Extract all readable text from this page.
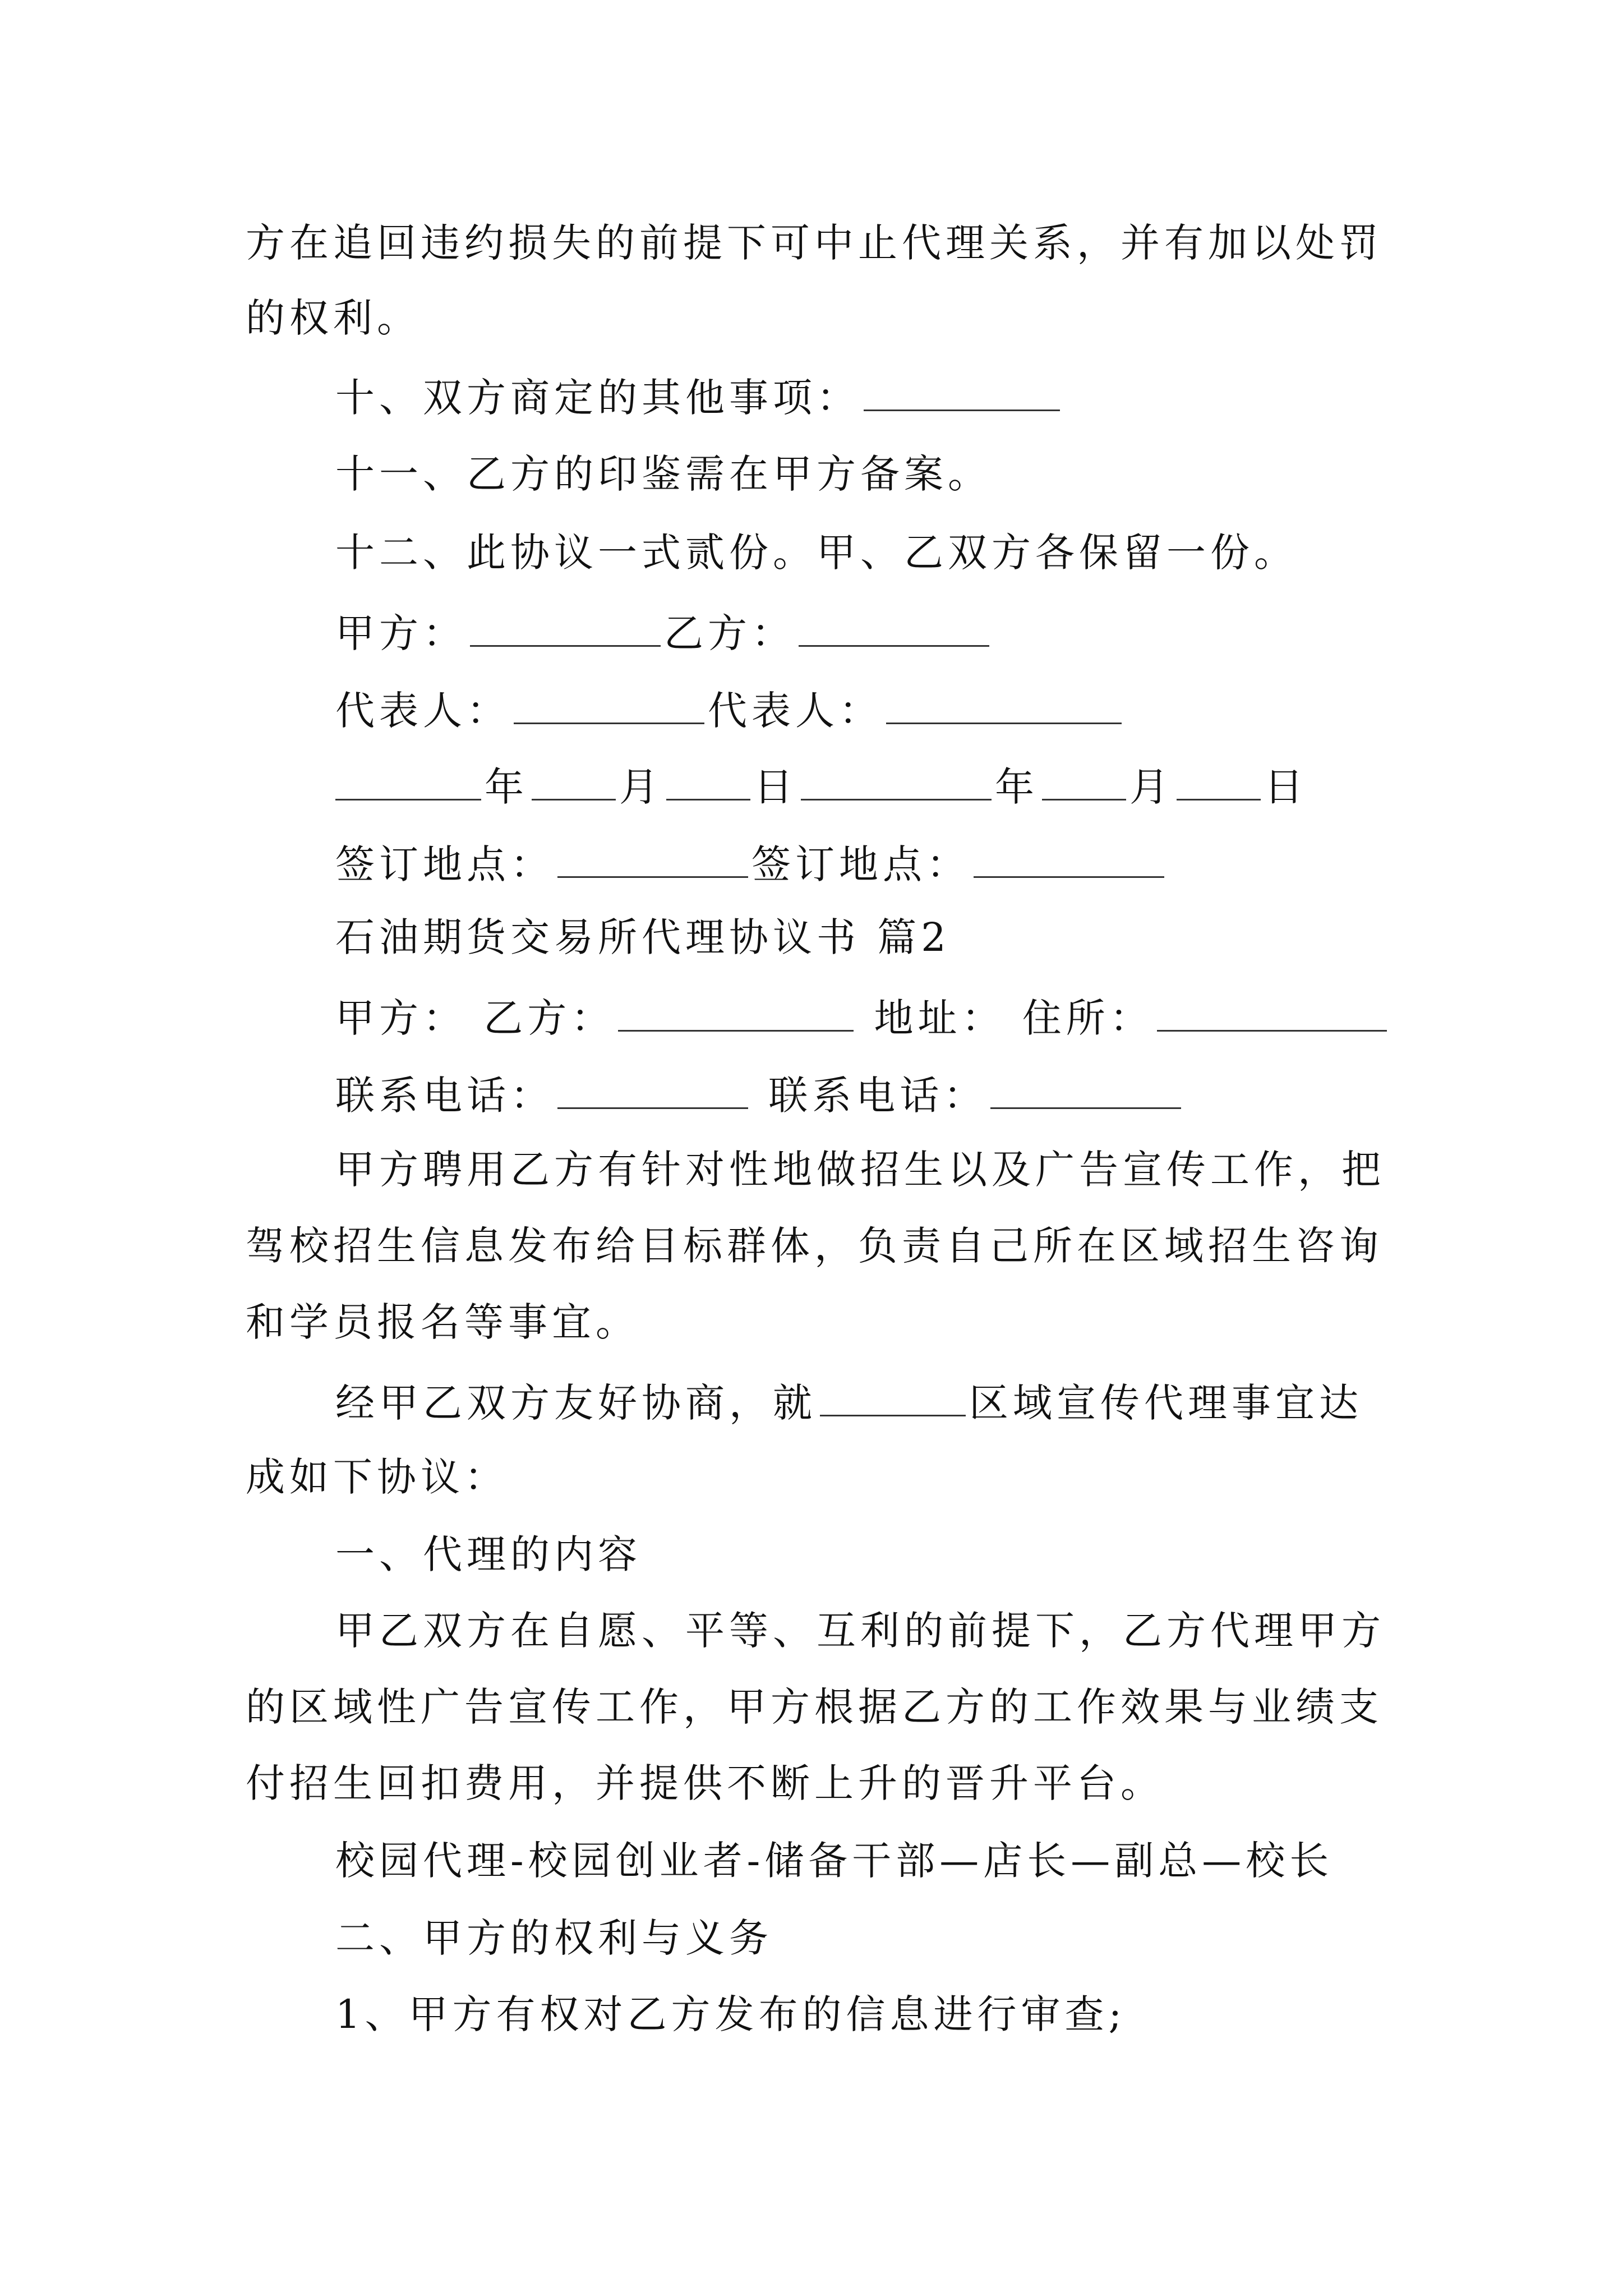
方在追回违约损失的前提下可中止代理关系，并有加以处罚
的权利。
十、双方商定的其他事项：
十一、乙方的印鉴需在甲方备案。
十二、此协议一式贰份。甲、乙双方各保留一份。
甲方：	乙方：
代表人：	代表人：
年 月 日	年 月 日
签订地点：	签订地点：
石油期货交易所代理协议书 篇2
甲方： 乙方：	地址： 住所：
联系电话：	联系电话：
甲方聘用乙方有针对性地做招生以及广告宣传工作，把
驾校招生信息发布给目标群体，负责自己所在区域招生咨询
和学员报名等事宜。
经甲乙双方友好协商，就	区域宣传代理事宜达
成如下协议：
一、代理的内容
甲乙双方在自愿、平等、互利的前提下，乙方代理甲方
的区域性广告宣传工作，甲方根据乙方的工作效果与业绩支
付招生回扣费用，并提供不断上升的晋升平台。
校园代理-校园创业者-储备干部—店长—副总—校长
二、甲方的权利与义务
1、甲方有权对乙方发布的信息进行审查;
